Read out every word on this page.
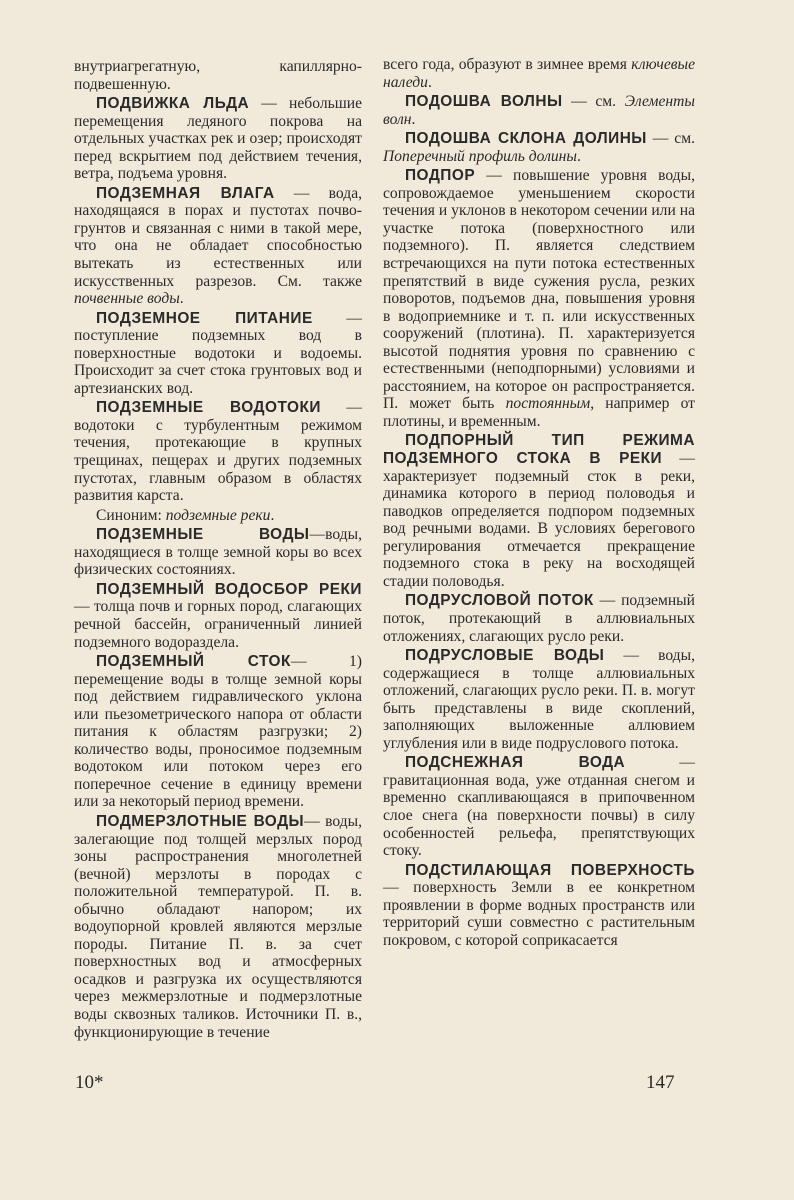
внутриагрегатную, капиллярно-подвешенную.

ПОДВИЖКА ЛЬДА — небольшие перемещения ледяного покрова на отдельных участках рек и озер; происходят перед вскрытием под действием течения, ветра, подъема уровня.

ПОДЗЕМНАЯ ВЛАГА — вода, находящаяся в порах и пустотах почво-грунтов и связанная с ними в такой мере, что она не обладает способностью вытекать из естественных или искусственных разрезов. См. также почвенные воды.

ПОДЗЕМНОЕ ПИТАНИЕ — поступление подземных вод в поверхностные водотоки и водоемы. Происходит за счет стока грунтовых вод и артезианских вод.

ПОДЗЕМНЫЕ ВОДОТОКИ — водотоки с турбулентным режимом течения, протекающие в крупных трещинах, пещерах и других подземных пустотах, главным образом в областях развития карста.

Синоним: подземные реки.

ПОДЗЕМНЫЕ ВОДЫ—воды, находящиеся в толще земной коры во всех физических состояниях.

ПОДЗЕМНЫЙ ВОДОСБОР РЕКИ — толща почв и горных пород, слагающих речной бассейн, ограниченный линией подземного водораздела.

ПОДЗЕМНЫЙ СТОК— 1) перемещение воды в толще земной коры под действием гидравлического уклона или пьезометрического напора от области питания к областям разгрузки; 2) количество воды, проносимое подземным водотоком или потоком через его поперечное сечение в единицу времени или за некоторый период времени.

ПОДМЕРЗЛОТНЫЕ ВОДЫ— воды, залегающие под толщей мерзлых пород зоны распространения многолетней (вечной) мерзлоты в породах с положительной температурой. П. в. обычно обладают напором; их водоупорной кровлей являются мерзлые породы. Питание П. в. за счет поверхностных вод и атмосферных осадков и разгрузка их осуществляются через межмерзлотные и подмерзлотные воды сквозных таликов. Источники П. в., функционирующие в течение

всего года, образуют в зимнее время ключевые наледи.

ПОДОШВА ВОЛНЫ — см. Элементы волн.

ПОДОШВА СКЛОНА ДОЛИНЫ — см. Поперечный профиль долины.

ПОДПОР — повышение уровня воды, сопровождаемое уменьшением скорости течения и уклонов в некотором сечении или на участке потока (поверхностного или подземного). П. является следствием встречающихся на пути потока естественных препятствий в виде сужения русла, резких поворотов, подъемов дна, повышения уровня в водоприемнике и т. п. или искусственных сооружений (плотина). П. характеризуется высотой поднятия уровня по сравнению с естественными (неподпорными) условиями и расстоянием, на которое он распространяется. П. может быть постоянным, например от плотины, и временным.

ПОДПОРНЫЙ ТИП РЕЖИМА ПОДЗЕМНОГО СТОКА В РЕКИ — характеризует подземный сток в реки, динамика которого в период половодья и паводков определяется подпором подземных вод речными водами. В условиях берегового регулирования отмечается прекращение подземного стока в реку на восходящей стадии половодья.

ПОДРУСЛОВОЙ ПОТОК — подземный поток, протекающий в аллювиальных отложениях, слагающих русло реки.

ПОДРУСЛОВЫЕ ВОДЫ — воды, содержащиеся в толще аллювиальных отложений, слагающих русло реки. П. в. могут быть представлены в виде скоплений, заполняющих выложенные аллювием углубления или в виде подруслового потока.

ПОДСНЕЖНАЯ ВОДА — гравитационная вода, уже отданная снегом и временно скапливающаяся в припочвенном слое снега (на поверхности почвы) в силу особенностей рельефа, препятствующих стоку.

ПОДСТИЛАЮЩАЯ ПОВЕРХНОСТЬ — поверхность Земли в ее конкретном проявлении в форме водных пространств или территорий суши совместно с растительным покровом, с которой соприкасается

10*	147
